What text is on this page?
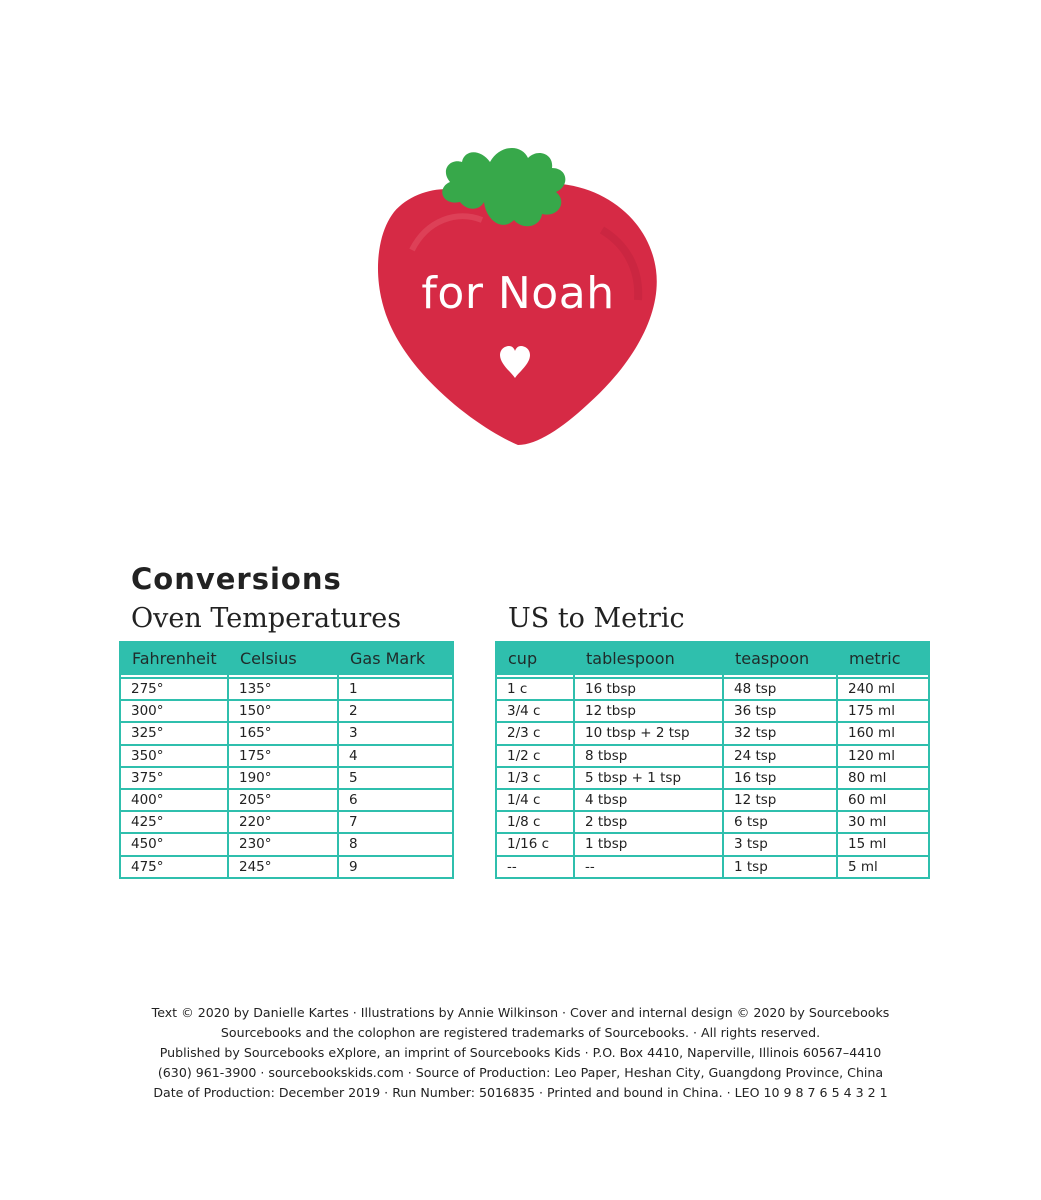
for Noah
Conversions
Oven Temperatures	US to Metric
Fahrenheit	Celsius	Gas Mark

275°	135°	1
300°	150°	2
325°	165°	3
350°	175°	4
375°	190°	5
400°	205°	6
425°	220°	7
450°	230°	8
475°	245°	9
cup	tablespoon	teaspoon	metric

1 c	16 tbsp	48 tsp	240 ml
3/4 c	12 tbsp	36 tsp	175 ml
2/3 c	10 tbsp + 2 tsp	32 tsp	160 ml
1/2 c	8 tbsp	24 tsp	120 ml
1/3 c	5 tbsp + 1 tsp	16 tsp	80 ml
1/4 c	4 tbsp	12 tsp	60 ml
1/8 c	2 tbsp	6 tsp	30 ml
1/16 c	1 tbsp	3 tsp	15 ml
--	--	1 tsp	5 ml
Text © 2020 by Danielle Kartes · Illustrations by Annie Wilkinson · Cover and internal design © 2020 by Sourcebooks
Sourcebooks and the colophon are registered trademarks of Sourcebooks. · All rights reserved.
Published by Sourcebooks eXplore, an imprint of Sourcebooks Kids · P.O. Box 4410, Naperville, Illinois 60567–4410
(630) 961-3900 · sourcebookskids.com · Source of Production: Leo Paper, Heshan City, Guangdong Province, China
Date of Production: December 2019 · Run Number: 5016835 · Printed and bound in China. · LEO 10 9 8 7 6 5 4 3 2 1
